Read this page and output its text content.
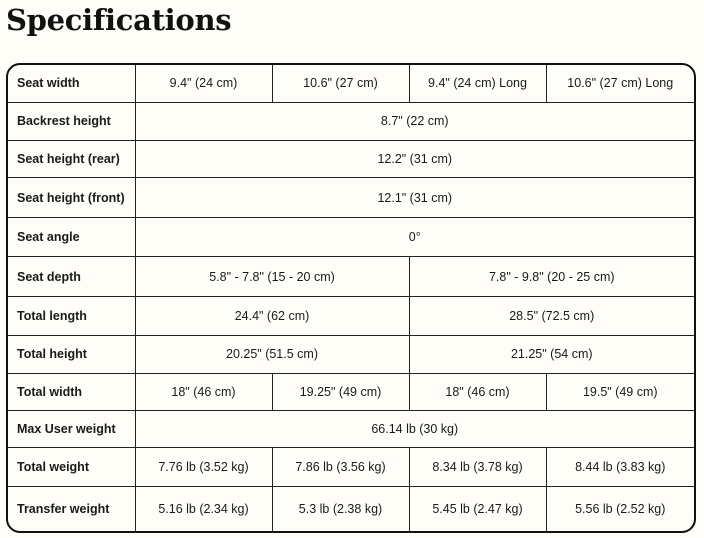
Specifications
Seat width	9.4" (24 cm)	10.6" (27 cm)	9.4" (24 cm) Long	10.6" (27 cm) Long
Backrest height	8.7" (22 cm)			
Seat height (rear)	12.2" (31 cm)			
Seat height (front)	12.1" (31 cm)			
Seat angle	0°			
Seat depth	5.8" - 7.8" (15 - 20 cm)		7.8" - 9.8" (20 - 25 cm)	
Total length	24.4" (62 cm)		28.5" (72.5 cm)	
Total height	20.25" (51.5 cm)		21.25" (54 cm)	
Total width	18" (46 cm)	19.25" (49 cm)	18" (46 cm)	19.5" (49 cm)
Max User weight	66.14 lb (30 kg)			
Total weight	7.76 lb (3.52 kg)	7.86 lb (3.56 kg)	8.34 lb (3.78 kg)	8.44 lb (3.83 kg)
Transfer weight	5.16 lb (2.34 kg)	5.3 lb (2.38 kg)	5.45 lb (2.47 kg)	5.56 lb (2.52 kg)
